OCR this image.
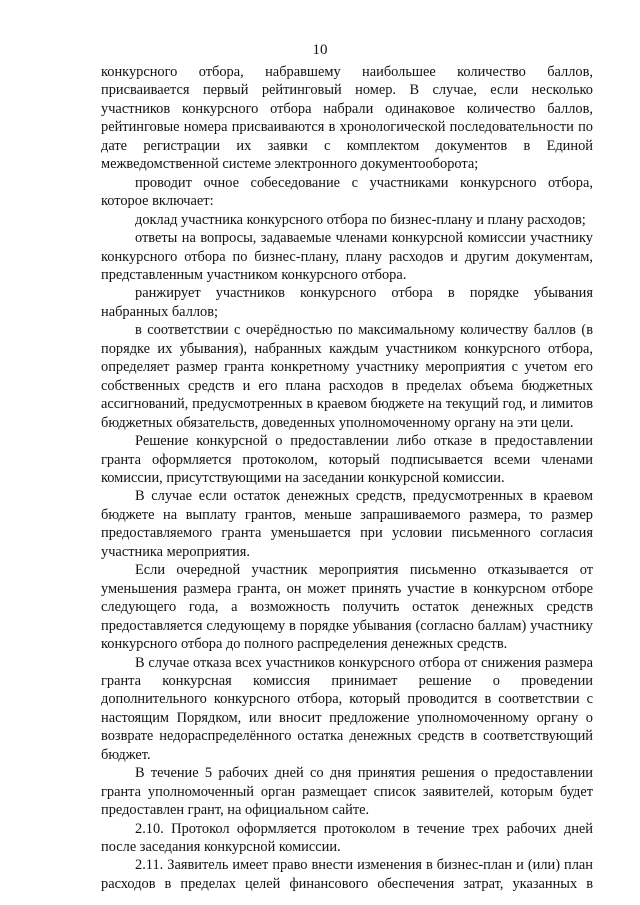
10

конкурсного отбора, набравшему наибольшее количество баллов, присваивается первый рейтинговый номер. В случае, если несколько участников конкурсного отбора набрали одинаковое количество баллов, рейтинговые номера присваиваются в хронологической последовательности по дате регистрации их заявки с комплектом документов в Единой межведомственной системе электронного документооборота;

проводит очное собеседование с участниками конкурсного отбора, которое включает:

доклад участника конкурсного отбора по бизнес-плану и плану расходов;

ответы на вопросы, задаваемые членами конкурсной комиссии участнику конкурсного отбора по бизнес-плану, плану расходов и другим документам, представленным участником конкурсного отбора.

ранжирует участников конкурсного отбора в порядке убывания набранных баллов;

в соответствии с очерёдностью по максимальному количеству баллов (в порядке их убывания), набранных каждым участником конкурсного отбора, определяет размер гранта конкретному участнику мероприятия с учетом его собственных средств и его плана расходов в пределах объема бюджетных ассигнований, предусмотренных в краевом бюджете на текущий год, и лимитов бюджетных обязательств, доведенных уполномоченному органу на эти цели.

Решение конкурсной о предоставлении либо отказе в предоставлении гранта оформляется протоколом, который подписывается всеми членами комиссии, присутствующими на заседании конкурсной комиссии.

В случае если остаток денежных средств, предусмотренных в краевом бюджете на выплату грантов, меньше запрашиваемого размера, то размер предоставляемого гранта уменьшается при условии письменного согласия участника мероприятия.

Если очередной участник мероприятия письменно отказывается от уменьшения размера гранта, он может принять участие в конкурсном отборе следующего года, а возможность получить остаток денежных средств предоставляется следующему в порядке убывания (согласно баллам) участнику конкурсного отбора до полного распределения денежных средств.

В случае отказа всех участников конкурсного отбора от снижения размера гранта конкурсная комиссия принимает решение о проведении дополнительного конкурсного отбора, который проводится в соответствии с настоящим Порядком, или вносит предложение уполномоченному органу о возврате недораспределённого остатка денежных средств в соответствующий бюджет.

В течение 5 рабочих дней со дня принятия решения о предоставлении гранта уполномоченный орган размещает список заявителей, которым будет предоставлен грант, на официальном сайте.

2.10. Протокол оформляется протоколом в течение трех рабочих дней после заседания конкурсной комиссии.

2.11. Заявитель имеет право внести изменения в бизнес-план и (или) план расходов в пределах целей финансового обеспечения затрат, указанных в
